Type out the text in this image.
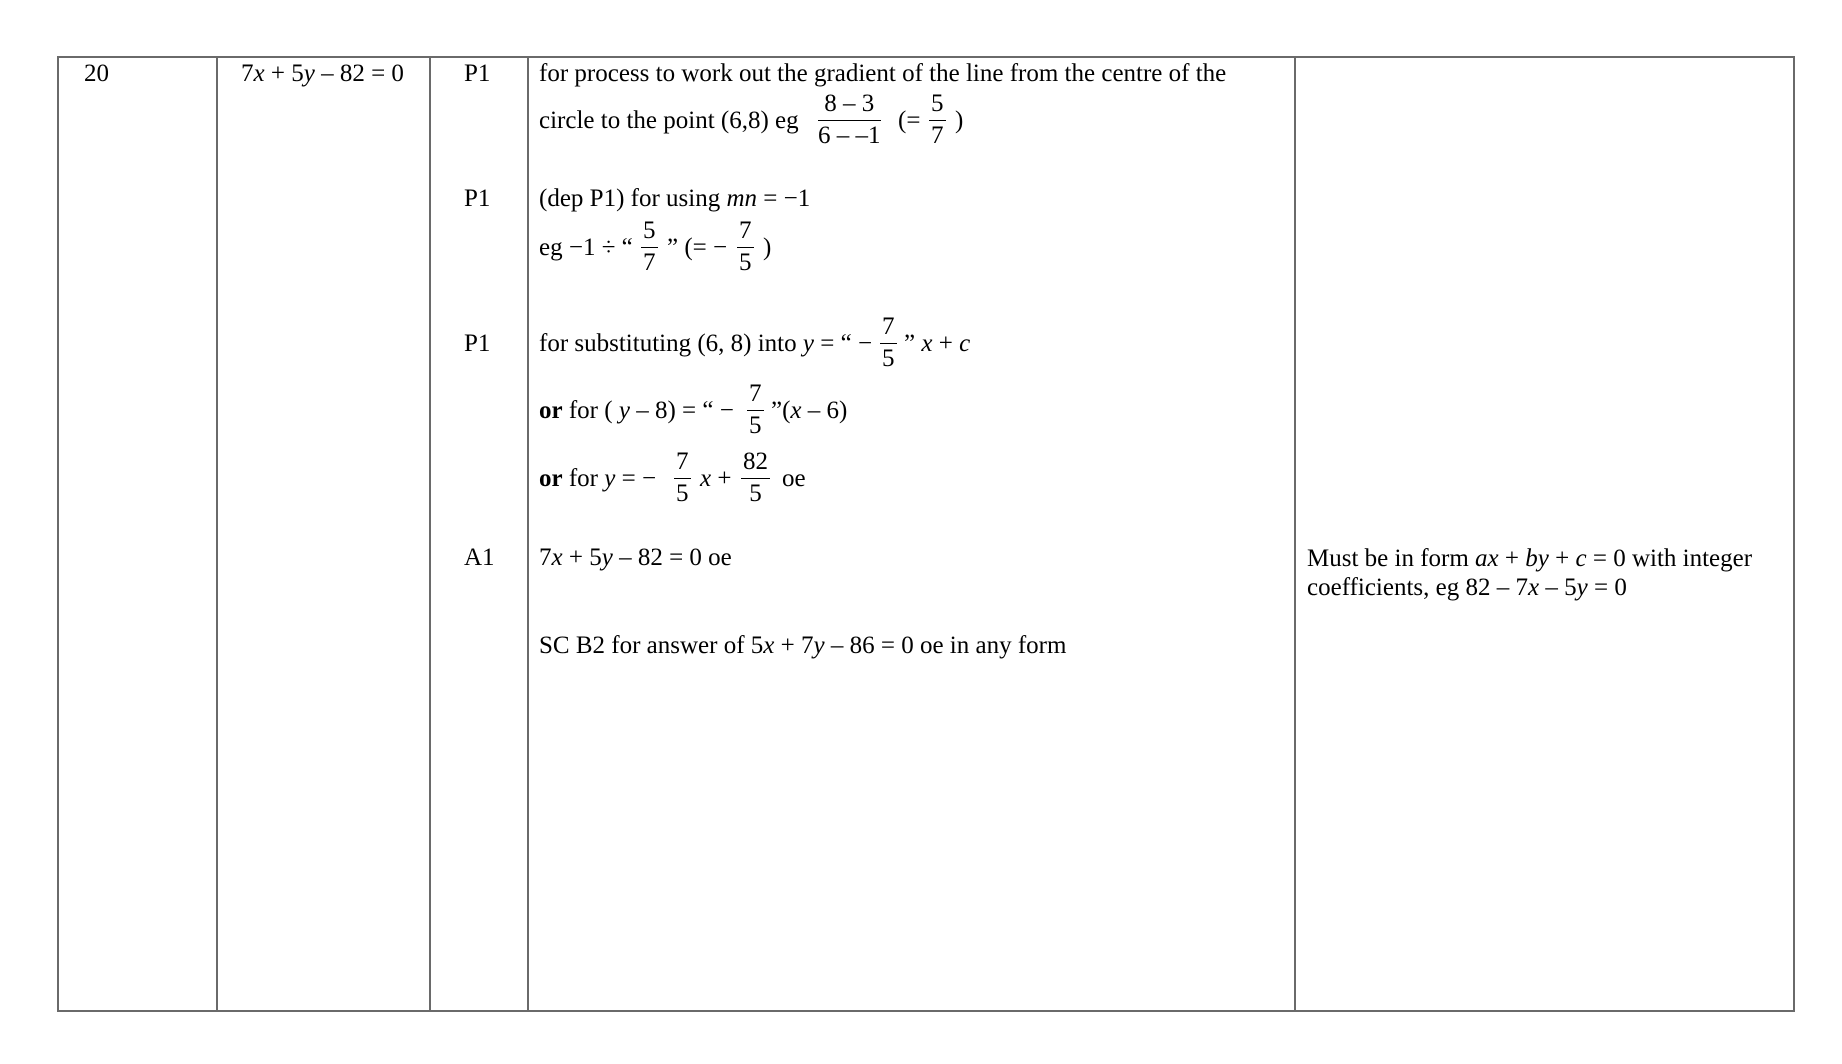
20	7x + 5y – 82 = 0 P1
P1
P1
A1
for process to work out the gradient of the line from the centre of the
circle to the point (6,8) eg $\frac{8 - 3}{6 - -1}$ (= $\frac{5}{7}$ )
(dep P1) for using mn = −1
eg −1 ÷ “ $\frac{5}{7}$ ” (= − $\frac{7}{5}$ )
for substituting (6, 8) into y = “ − $\frac{7}{5}$ ” x + c
or for ( y – 8) = “ − $\frac{7}{5}$ ”(x – 6)
or for y = − $\frac{7}{5}$ $x + \frac{82}{5}$ oe
7x + 5y – 82 = 0 oe
SC B2 for answer of 5x + 7y – 86 = 0 oe in any form
Must be in form ax + by + c = 0 with integer coefficients, eg 82 – 7x – 5y = 0
